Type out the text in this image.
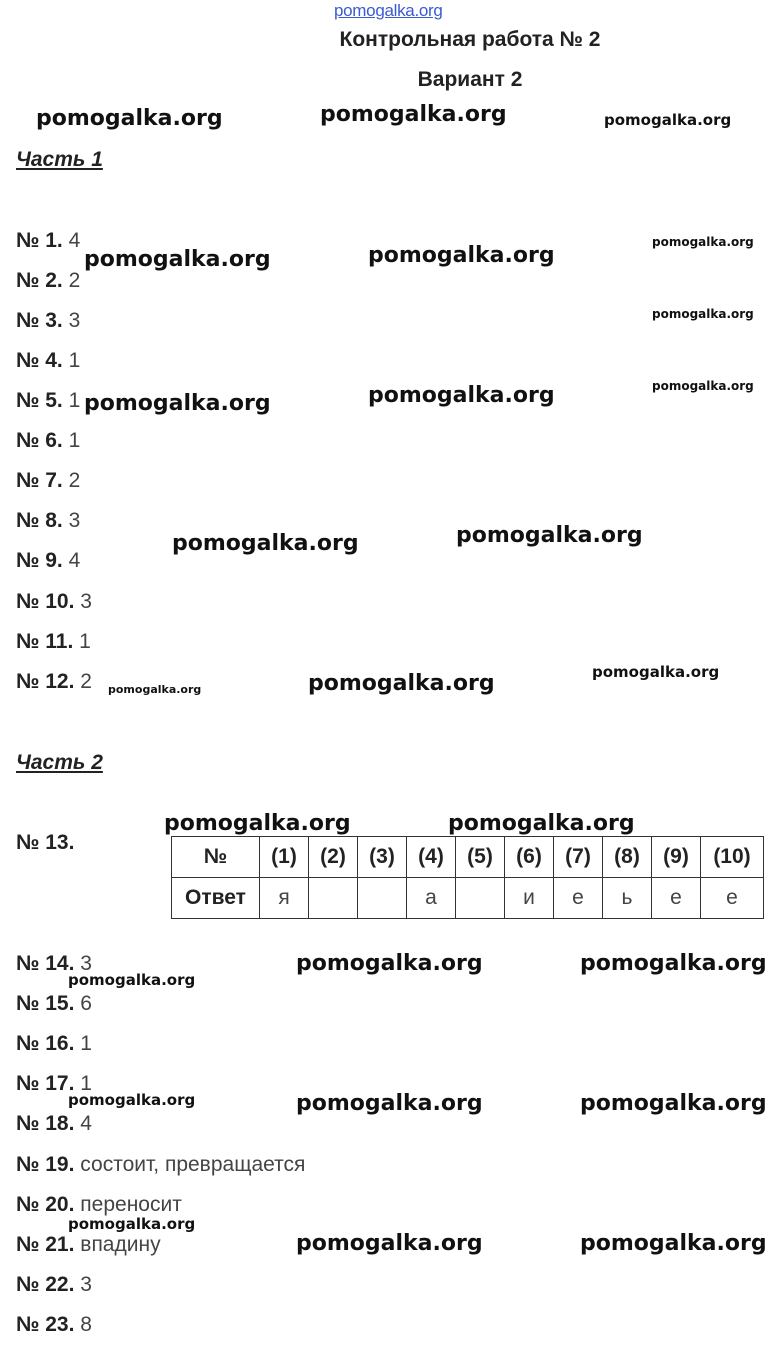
pomogalka.org
Контрольная работа № 2
Вариант 2
pomogalka.org	pomogalka.org	pomogalka.org
pomogalka.org	pomogalka.org
pomogalka.org
pomogalka.org
pomogalka.org	pomogalka.org	pomogalka.org
pomogalka.org	pomogalka.org
pomogalka.org	pomogalka.org	pomogalka.org
pomogalka.org	pomogalka.org
pomogalka.org
pomogalka.org	pomogalka.org
pomogalka.org	pomogalka.org	pomogalka.org
pomogalka.org
pomogalka.org	pomogalka.org
Часть 1
№ 1. 4
№ 2. 2
№ 3. 3
№ 4. 1
№ 5. 1
№ 6. 1
№ 7. 2
№ 8. 3
№ 9. 4
№ 10. 3
№ 11. 1
№ 12. 2
Часть 2
№ 13.
№	(1)	(2)	(3)	(4)	(5)	(6)	(7)	(8)	(9)	(10)
Ответ	я			а		и	е	ь	е	е
№ 14. 3
№ 15. 6
№ 16. 1
№ 17. 1
№ 18. 4
№ 19. состоит, превращается
№ 20. переносит
№ 21. впадину
№ 22. 3
№ 23. 8
